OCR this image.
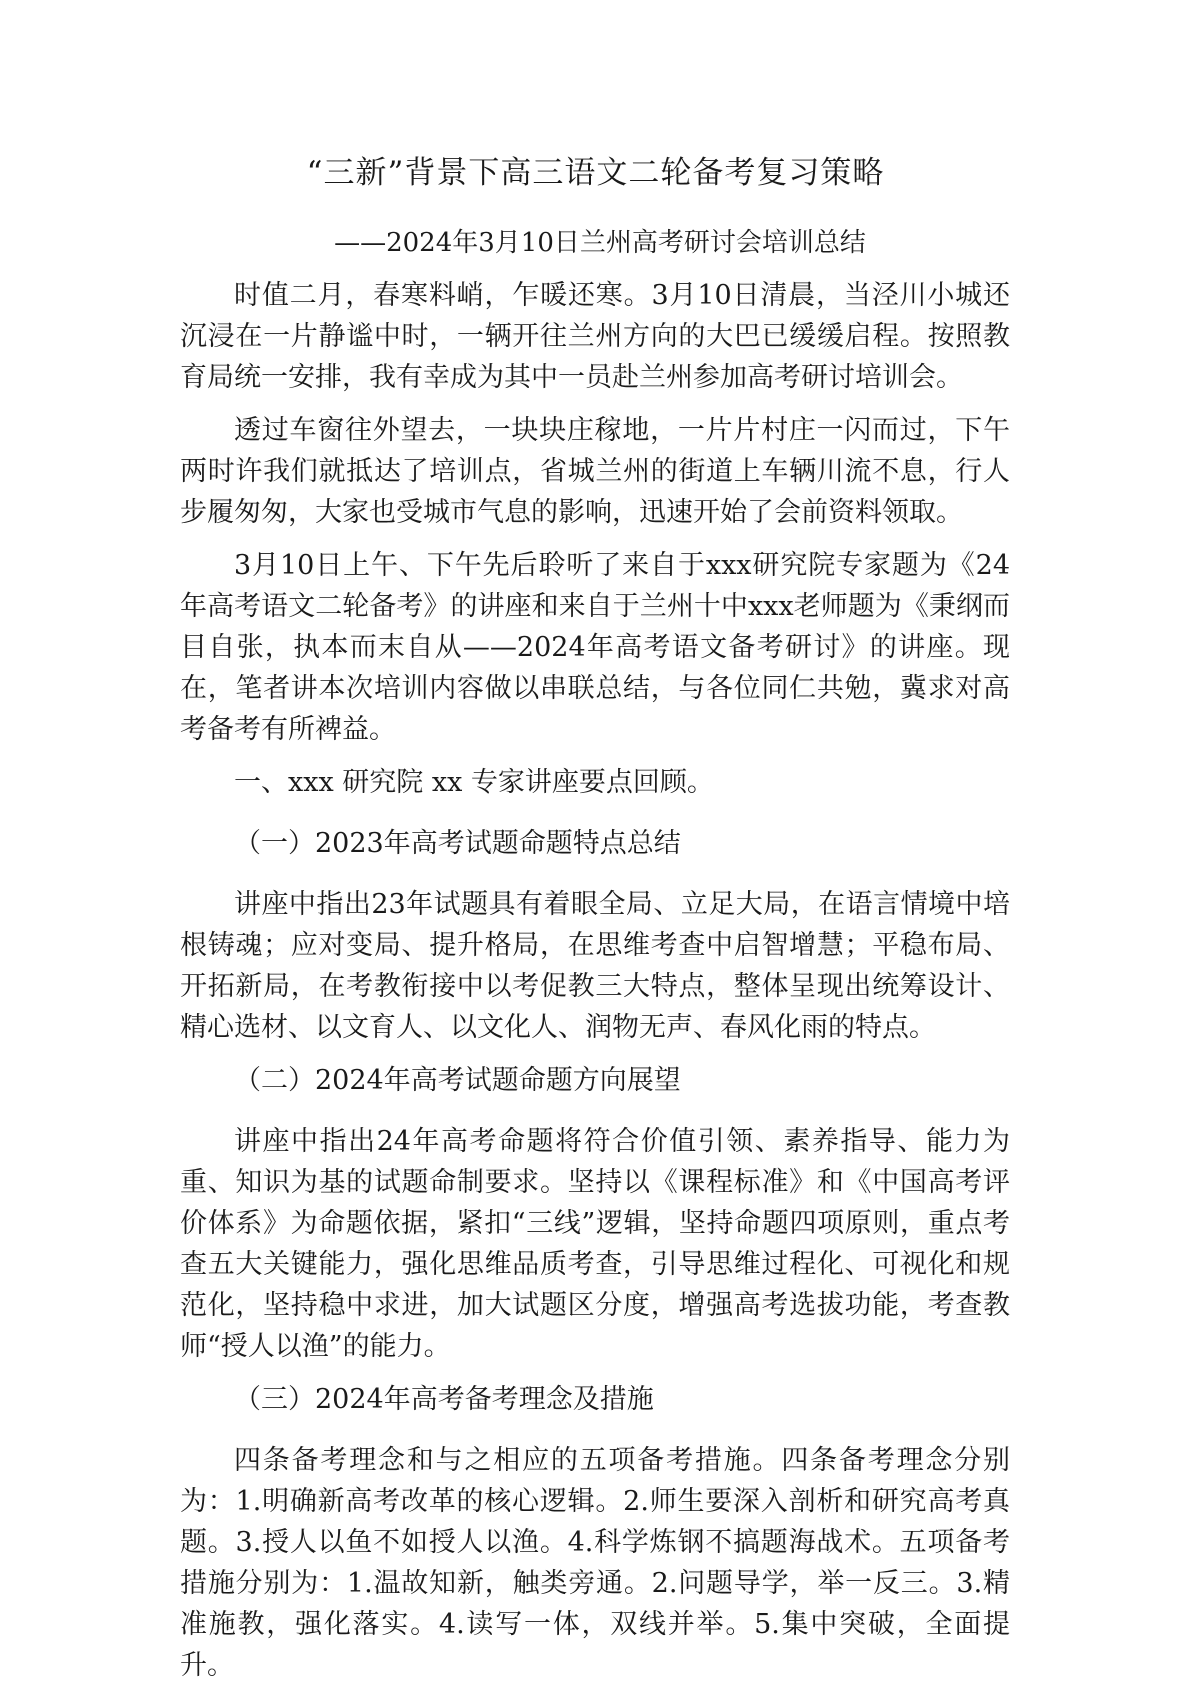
“三新”背景下高三语文二轮备考复习策略

——2024年3月10日兰州高考研讨会培训总结

时值二月，春寒料峭，乍暖还寒。3月10日清晨，当泾川小城还沉浸在一片静谧中时，一辆开往兰州方向的大巴已缓缓启程。按照教育局统一安排，我有幸成为其中一员赴兰州参加高考研讨培训会。

透过车窗往外望去，一块块庄稼地，一片片村庄一闪而过，下午两时许我们就抵达了培训点，省城兰州的街道上车辆川流不息，行人步履匆匆，大家也受城市气息的影响，迅速开始了会前资料领取。

3月10日上午、下午先后聆听了来自于xxx研究院专家题为《24年高考语文二轮备考》的讲座和来自于兰州十中xxx老师题为《秉纲而目自张，执本而末自从——2024年高考语文备考研讨》的讲座。现在，笔者讲本次培训内容做以串联总结，与各位同仁共勉，冀求对高考备考有所裨益。

一、xxx 研究院 xx 专家讲座要点回顾。

（一）2023年高考试题命题特点总结

讲座中指出23年试题具有着眼全局、立足大局，在语言情境中培根铸魂；应对变局、提升格局，在思维考查中启智增慧；平稳布局、开拓新局，在考教衔接中以考促教三大特点，整体呈现出统筹设计、精心选材、以文育人、以文化人、润物无声、春风化雨的特点。

（二）2024年高考试题命题方向展望

讲座中指出24年高考命题将符合价值引领、素养指导、能力为重、知识为基的试题命制要求。坚持以《课程标准》和《中国高考评价体系》为命题依据，紧扣“三线”逻辑，坚持命题四项原则，重点考查五大关键能力，强化思维品质考查，引导思维过程化、可视化和规范化，坚持稳中求进，加大试题区分度，增强高考选拔功能，考查教师“授人以渔”的能力。

（三）2024年高考备考理念及措施

四条备考理念和与之相应的五项备考措施。四条备考理念分别为：1.明确新高考改革的核心逻辑。2.师生要深入剖析和研究高考真题。3.授人以鱼不如授人以渔。4.科学炼钢不搞题海战术。五项备考措施分别为：1.温故知新，触类旁通。2.问题导学，举一反三。3.精准施教，强化落实。4.读写一体，双线并举。5.集中突破，全面提升。
